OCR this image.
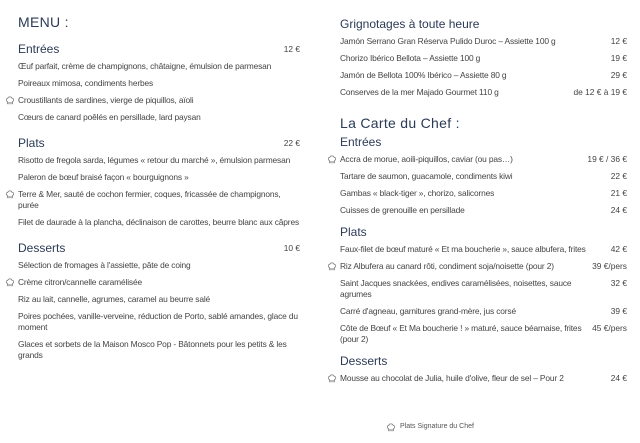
MENU :
Entrées	12 €
Œuf parfait, crème de champignons, châtaigne, émulsion de parmesan
Poireaux mimosa, condiments herbes
Croustillants de sardines, vierge de piquillos, aïoli
Cœurs de canard poêlés en persillade, lard paysan
Plats	22 €
Risotto de fregola sarda, légumes « retour du marché », émulsion parmesan
Paleron de bœuf braisé façon « bourguignons »
Terre & Mer, sauté de cochon fermier, coques, fricassée de champignons, purée
Filet de daurade à la plancha, déclinaison de carottes, beurre blanc aux câpres
Desserts	10 €
Sélection de fromages à l'assiette, pâte de coing
Crème citron/cannelle caramélisée
Riz au lait, cannelle, agrumes, caramel au beurre salé
Poires pochées, vanille-verveine, réduction de Porto, sablé amandes, glace du moment
Glaces et sorbets de la Maison Mosco Pop - Bâtonnets pour les petits & les grands
Grignotages à toute heure
Jamón Serrano Gran Réserva Pulido Duroc – Assiette 100 g	12 €
Chorizo Ibérico Bellota – Assiette 100 g	19 €
Jamón de Bellota 100% Ibérico – Assiette 80 g	29 €
Conserves de la mer Majado Gourmet 110 g	de 12 € à 19 €
La Carte du Chef :
Entrées
Accra de morue, aoili-piquillos, caviar (ou pas…)	19 € / 36 €
Tartare de saumon, guacamole, condiments kiwi	22 €
Gambas « black-tiger », chorizo, salicornes	21 €
Cuisses de grenouille en persillade	24 €
Plats
Faux-filet de bœuf maturé « Et ma boucherie », sauce albufera, frites	42 €
Riz Albufera au canard rôti, condiment soja/noisette (pour 2)	39 €/pers
Saint Jacques snackées, endives caramélisées, noisettes, sauce agrumes
32 €
Carré d'agneau, garnitures grand-mère, jus corsé	39 €
Côte de Bœuf « Et Ma boucherie ! » maturé, sauce béarnaise, frites (pour 2)
45 €/pers
Desserts
Mousse au chocolat de Julia, huile d'olive, fleur de sel – Pour 2	24 €
Plats Signature du Chef
